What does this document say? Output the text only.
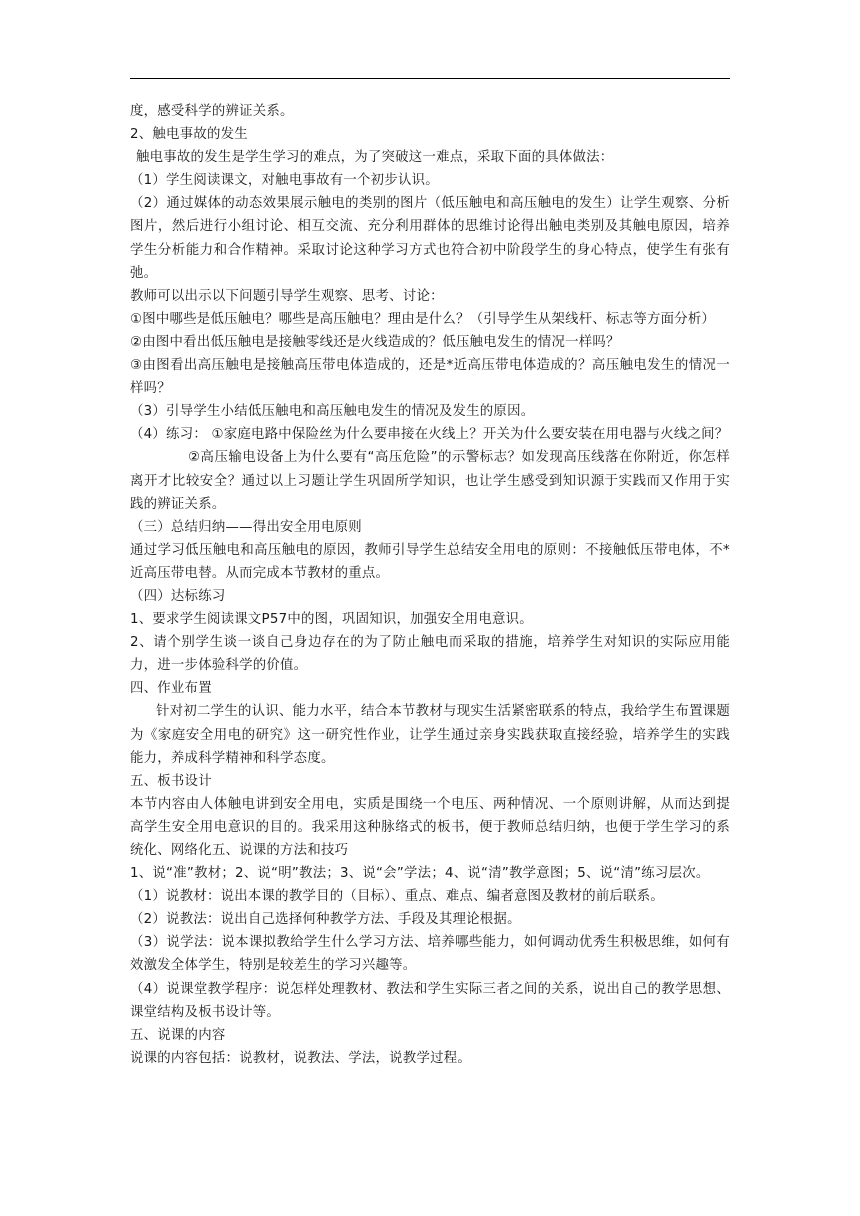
度，感受科学的辨证关系。

2、触电事故的发生

触电事故的发生是学生学习的难点，为了突破这一难点，采取下面的具体做法：

（1）学生阅读课文，对触电事故有一个初步认识。

（2）通过媒体的动态效果展示触电的类别的图片（低压触电和高压触电的发生）让学生观察、分析图片，然后进行小组讨论、相互交流、充分利用群体的思维讨论得出触电类别及其触电原因，培养学生分析能力和合作精神。采取讨论这种学习方式也符合初中阶段学生的身心特点，使学生有张有弛。

教师可以出示以下问题引导学生观察、思考、讨论：

①图中哪些是低压触电？哪些是高压触电？理由是什么？（引导学生从架线杆、标志等方面分析）

②由图中看出低压触电是接触零线还是火线造成的？低压触电发生的情况一样吗？

③由图看出高压触电是接触高压带电体造成的，还是*近高压带电体造成的？高压触电发生的情况一样吗？

（3）引导学生小结低压触电和高压触电发生的情况及发生的原因。

（4）练习： ①家庭电路中保险丝为什么要串接在火线上？开关为什么要安装在用电器与火线之间？

②高压输电设备上为什么要有“高压危险”的示警标志？如发现高压线落在你附近，你怎样离开才比较安全？通过以上习题让学生巩固所学知识，也让学生感受到知识源于实践而又作用于实践的辨证关系。

（三）总结归纳——得出安全用电原则

通过学习低压触电和高压触电的原因，教师引导学生总结安全用电的原则：不接触低压带电体，不*近高压带电替。从而完成本节教材的重点。

（四）达标练习

1、要求学生阅读课文P57中的图，巩固知识，加强安全用电意识。

2、请个别学生谈一谈自己身边存在的为了防止触电而采取的措施，培养学生对知识的实际应用能力，进一步体验科学的价值。

四、作业布置

针对初二学生的认识、能力水平，结合本节教材与现实生活紧密联系的特点，我给学生布置课题为《家庭安全用电的研究》这一研究性作业，让学生通过亲身实践获取直接经验，培养学生的实践能力，养成科学精神和科学态度。

五、板书设计

本节内容由人体触电讲到安全用电，实质是围绕一个电压、两种情况、一个原则讲解，从而达到提高学生安全用电意识的目的。我采用这种脉络式的板书，便于教师总结归纳，也便于学生学习的系统化、网络化五、说课的方法和技巧

1、说“准”教材；2、说“明”教法；3、说“会”学法；4、说“清”教学意图；5、说“清”练习层次。

（1）说教材：说出本课的教学目的（目标）、重点、难点、编者意图及教材的前后联系。

（2）说教法：说出自己选择何种教学方法、手段及其理论根据。

（3）说学法：说本课拟教给学生什么学习方法、培养哪些能力，如何调动优秀生积极思维，如何有效激发全体学生，特别是较差生的学习兴趣等。

（4）说课堂教学程序：说怎样处理教材、教法和学生实际三者之间的关系，说出自己的教学思想、课堂结构及板书设计等。

五、说课的内容

说课的内容包括：说教材，说教法、学法，说教学过程。
